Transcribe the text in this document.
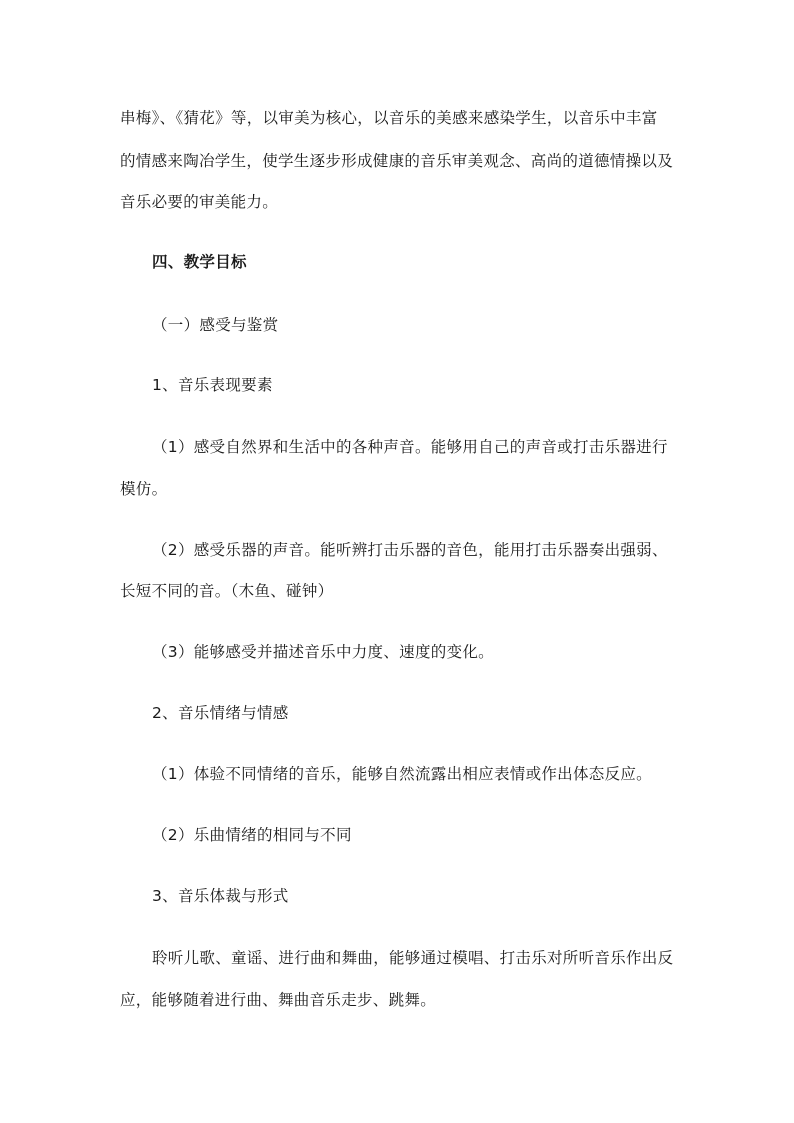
串梅》、《猜花》等，以审美为核心，以音乐的美感来感染学生，以音乐中丰富
的情感来陶冶学生，使学生逐步形成健康的音乐审美观念、高尚的道德情操以及
音乐必要的审美能力。
四、教学目标
（一）感受与鉴赏
1、音乐表现要素
（1）感受自然界和生活中的各种声音。能够用自己的声音或打击乐器进行
模仿。
（2）感受乐器的声音。能听辨打击乐器的音色，能用打击乐器奏出强弱、
长短不同的音。（木鱼、碰钟）
（3）能够感受并描述音乐中力度、速度的变化。
2、音乐情绪与情感
（1）体验不同情绪的音乐，能够自然流露出相应表情或作出体态反应。
（2）乐曲情绪的相同与不同
3、音乐体裁与形式
聆听儿歌、童谣、进行曲和舞曲，能够通过模唱、打击乐对所听音乐作出反
应，能够随着进行曲、舞曲音乐走步、跳舞。
